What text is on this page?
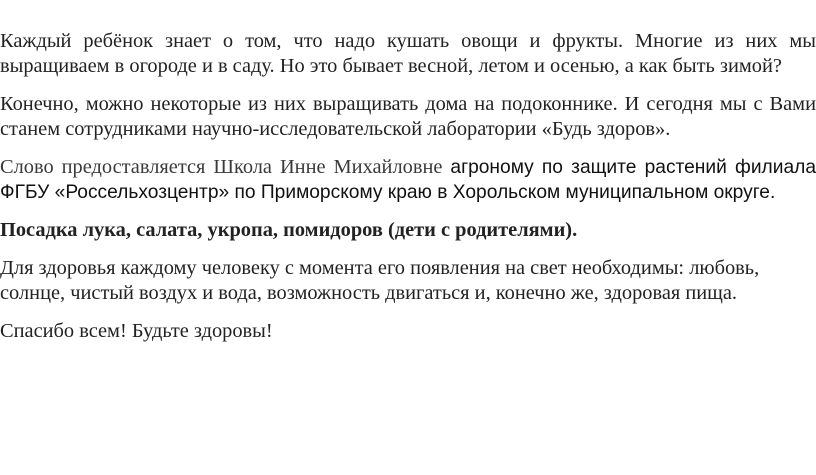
Каждый ребёнок знает о том, что надо кушать овощи и фрукты. Многие из них мы выращиваем в огороде и в саду. Но это бывает весной, летом и осенью, а как быть зимой?

Конечно, можно некоторые из них выращивать дома на подоконнике. И сегодня мы с Вами станем сотрудниками научно-исследовательской лаборатории «Будь здоров».

Слово предоставляется Школа Инне Михайловне агроному по защите растений филиала ФГБУ «Россельхозцентр» по Приморскому краю в Хорольском муниципальном округе.

Посадка лука, салата, укропа, помидоров (дети с родителями).

Для здоровья каждому человеку с момента его появления на свет необходимы: любовь, солнце, чистый воздух и вода, возможность двигаться и, конечно же, здоровая пища.

Спасибо всем! Будьте здоровы!
